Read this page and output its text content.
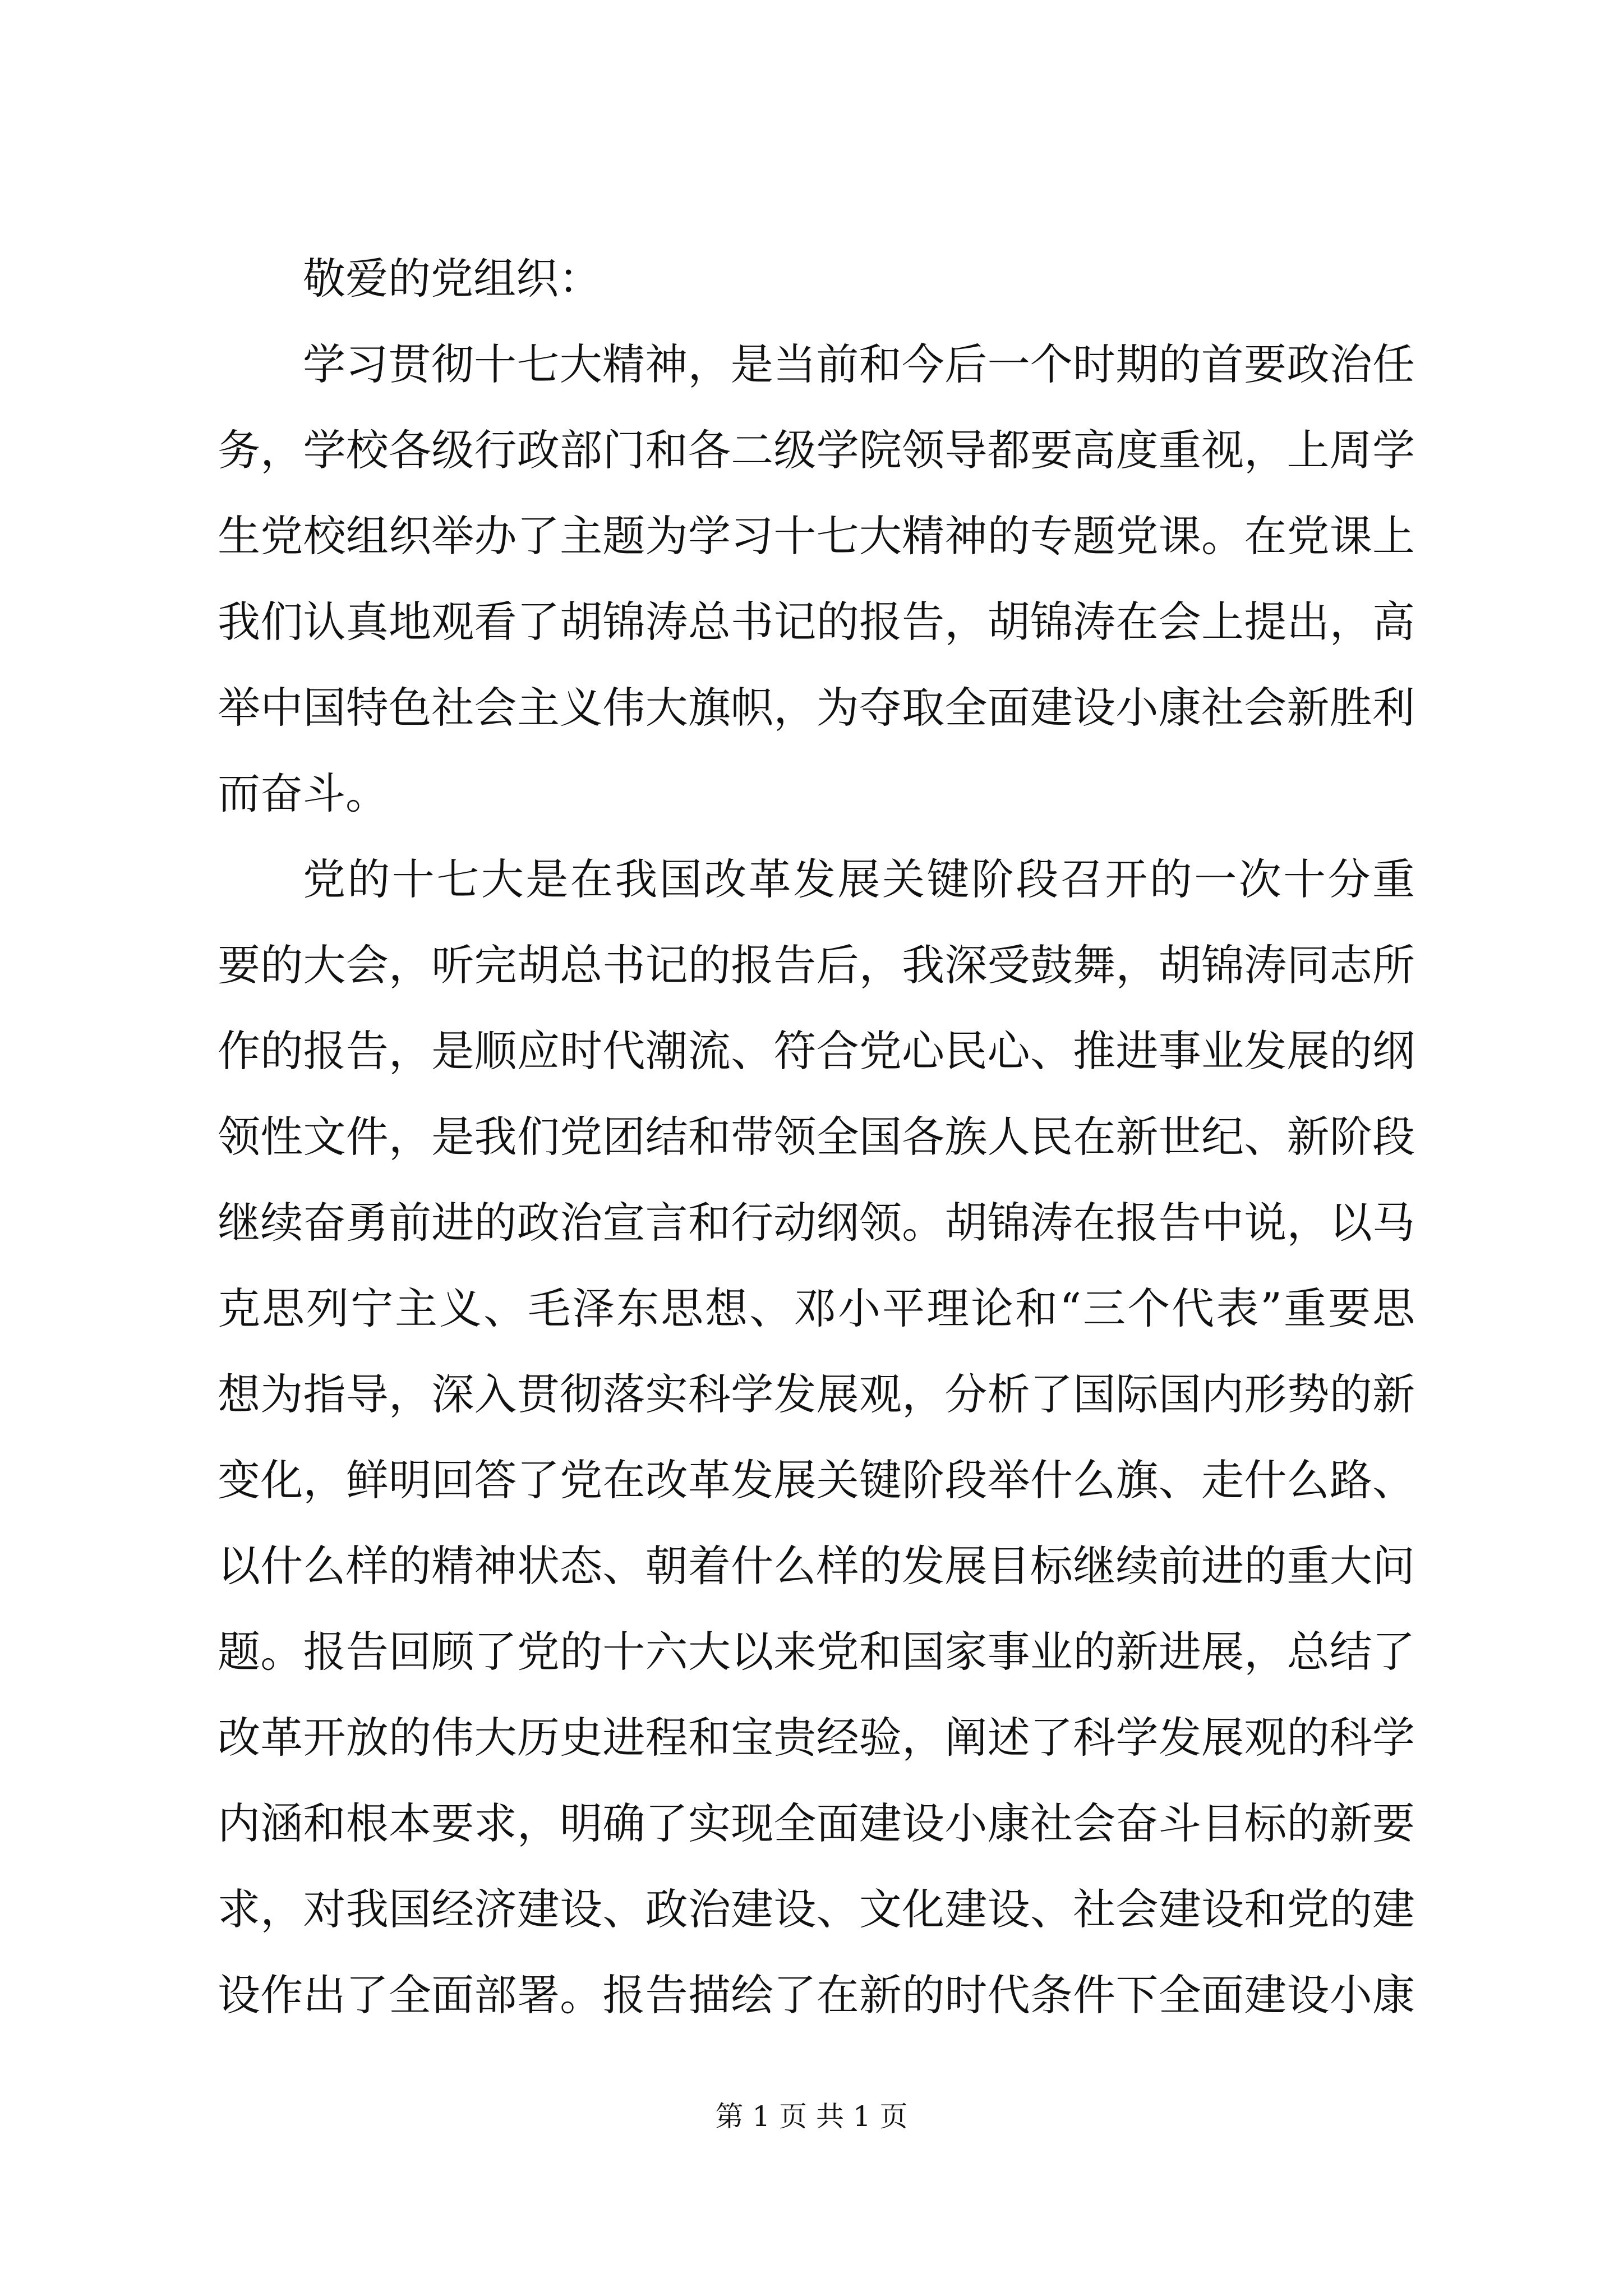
敬爱的党组织：
学习贯彻十七大精神，是当前和今后一个时期的首要政治任
务，学校各级行政部门和各二级学院领导都要高度重视，上周学
生党校组织举办了主题为学习十七大精神的专题党课。在党课上
我们认真地观看了胡锦涛总书记的报告，胡锦涛在会上提出，高
举中国特色社会主义伟大旗帜，为夺取全面建设小康社会新胜利
而奋斗。
党的十七大是在我国改革发展关键阶段召开的一次十分重
要的大会，听完胡总书记的报告后，我深受鼓舞，胡锦涛同志所
作的报告，是顺应时代潮流、符合党心民心、推进事业发展的纲
领性文件，是我们党团结和带领全国各族人民在新世纪、新阶段
继续奋勇前进的政治宣言和行动纲领。胡锦涛在报告中说，以马
克思列宁主义、毛泽东思想、邓小平理论和“三个代表”重要思
想为指导，深入贯彻落实科学发展观，分析了国际国内形势的新
变化，鲜明回答了党在改革发展关键阶段举什么旗、走什么路、
以什么样的精神状态、朝着什么样的发展目标继续前进的重大问
题。报告回顾了党的十六大以来党和国家事业的新进展，总结了
改革开放的伟大历史进程和宝贵经验，阐述了科学发展观的科学
内涵和根本要求，明确了实现全面建设小康社会奋斗目标的新要
求，对我国经济建设、政治建设、文化建设、社会建设和党的建
设作出了全面部署。报告描绘了在新的时代条件下全面建设小康
第 1 页 共 1 页
